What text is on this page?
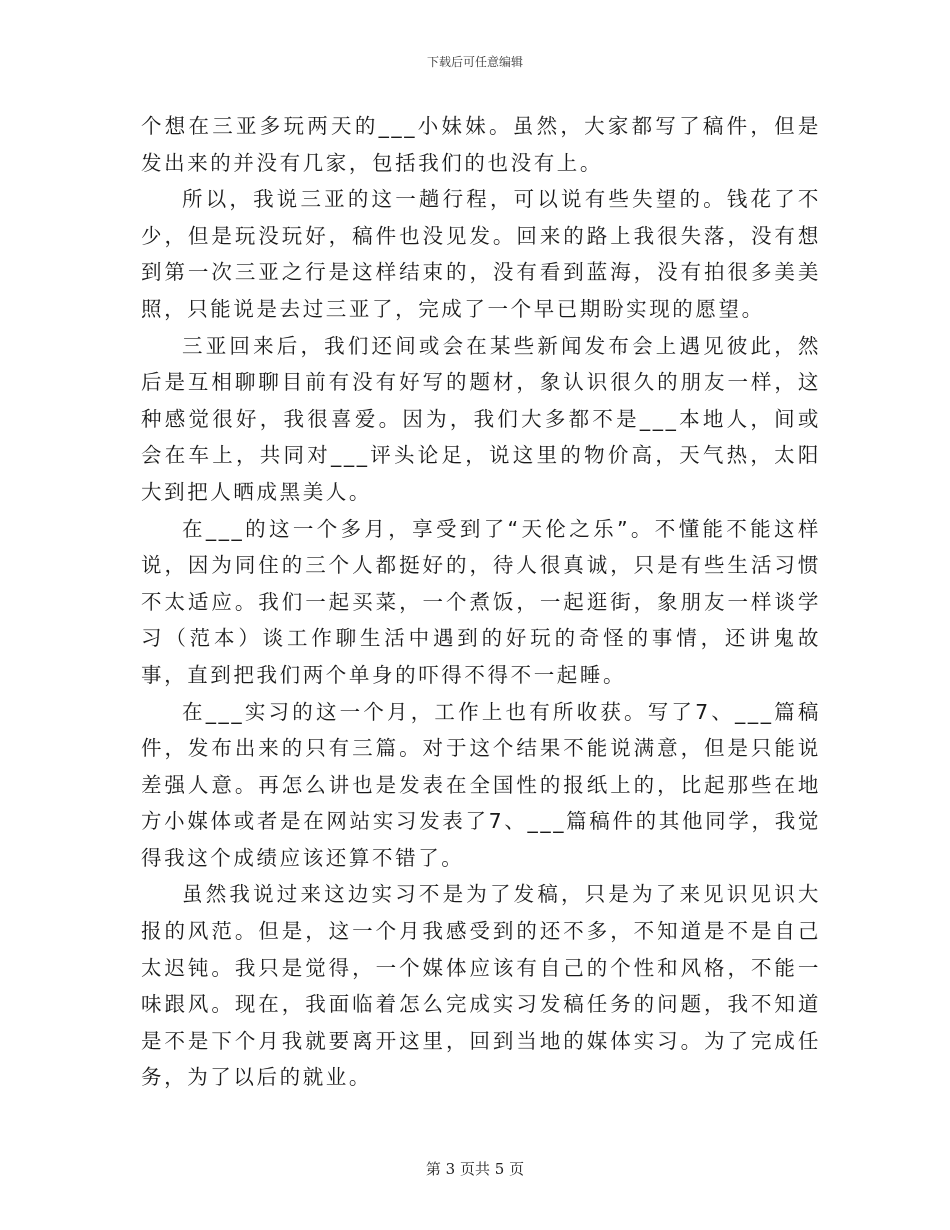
下载后可任意编辑

个想在三亚多玩两天的___小妹妹。虽然，大家都写了稿件，但是发出来的并没有几家，包括我们的也没有上。

所以，我说三亚的这一趟行程，可以说有些失望的。钱花了不少，但是玩没玩好，稿件也没见发。回来的路上我很失落，没有想到第一次三亚之行是这样结束的，没有看到蓝海，没有拍很多美美照，只能说是去过三亚了，完成了一个早已期盼实现的愿望。

三亚回来后，我们还间或会在某些新闻发布会上遇见彼此，然后是互相聊聊目前有没有好写的题材，象认识很久的朋友一样，这种感觉很好，我很喜爱。因为，我们大多都不是___本地人，间或会在车上，共同对___评头论足，说这里的物价高，天气热，太阳大到把人晒成黑美人。

在___的这一个多月，享受到了“天伦之乐”。不懂能不能这样说，因为同住的三个人都挺好的，待人很真诚，只是有些生活习惯不太适应。我们一起买菜，一个煮饭，一起逛街，象朋友一样谈学习（范本）谈工作聊生活中遇到的好玩的奇怪的事情，还讲鬼故事，直到把我们两个单身的吓得不得不一起睡。

在___实习的这一个月，工作上也有所收获。写了7、___篇稿件，发布出来的只有三篇。对于这个结果不能说满意，但是只能说差强人意。再怎么讲也是发表在全国性的报纸上的，比起那些在地方小媒体或者是在网站实习发表了7、___篇稿件的其他同学，我觉得我这个成绩应该还算不错了。

虽然我说过来这边实习不是为了发稿，只是为了来见识见识大报的风范。但是，这一个月我感受到的还不多，不知道是不是自己太迟钝。我只是觉得，一个媒体应该有自己的个性和风格，不能一味跟风。现在，我面临着怎么完成实习发稿任务的问题，我不知道是不是下个月我就要离开这里，回到当地的媒体实习。为了完成任务，为了以后的就业。

第 3 页共 5 页
